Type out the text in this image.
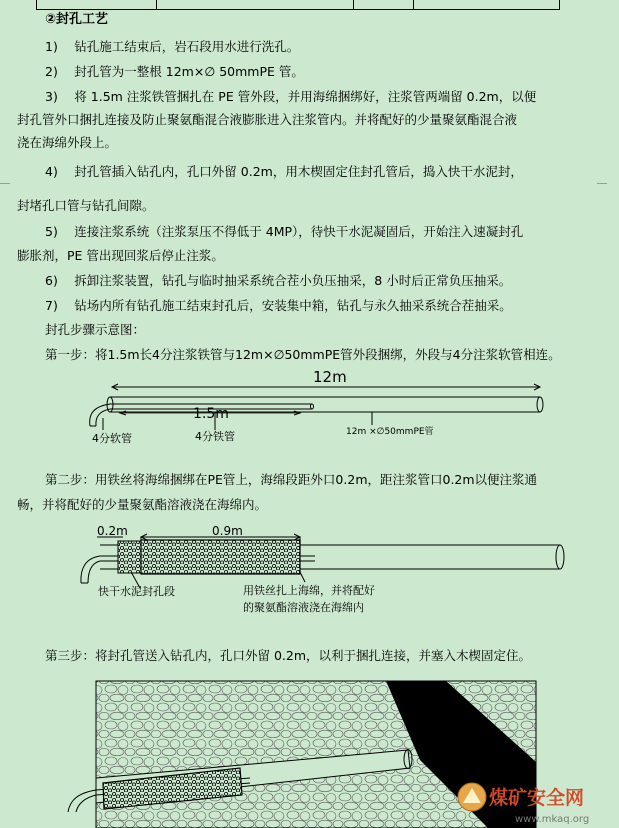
②封孔工艺
1)　 钻孔施工结束后，岩石段用水进行洗孔。
2)　 封孔管为一整根 12m×∅ 50mmPE 管。
3)　 将 1.5m 注浆铁管捆扎在 PE 管外段，并用海绵捆绑好，注浆管两端留 0.2m，以便
封孔管外口捆扎连接及防止聚氨酯混合液膨胀进入注浆管内。并将配好的少量聚氨酯混合液
浇在海绵外段上。
4)　 封孔管插入钻孔内，孔口外留 0.2m，用木楔固定住封孔管后，捣入快干水泥封，
封堵孔口管与钻孔间隙。
5)　 连接注浆系统（注浆泵压不得低于 4MP），待快干水泥凝固后，开始注入速凝封孔
膨胀剂，PE 管出现回浆后停止注浆。
6)　 拆卸注浆装置，钻孔与临时抽采系统合茬小负压抽采，8 小时后正常负压抽采。
7)　 钻场内所有钻孔施工结束封孔后，安装集中箱，钻孔与永久抽采系统合茬抽采。
封孔步骤示意图：
第一步：将1.5m长4分注浆铁管与12m×∅50mmPE管外段捆绑，外段与4分注浆软管相连。
12m
1.5m
4分软管	4分铁管	12m ×∅50mmPE管
第二步：用铁丝将海绵捆绑在PE管上，海绵段距外口0.2m，距注浆管口0.2m以便注浆通
畅，并将配好的少量聚氨酯溶液浇在海绵内。
0.2m	0.9m
快干水泥封孔段	用铁丝扎上海绵，并将配好
的聚氨酯溶液浇在海绵内
第三步：将封孔管送入钻孔内，孔口外留 0.2m，以利于捆扎连接，并塞入木楔固定住。
煤矿安全网
www.mkaq.org
